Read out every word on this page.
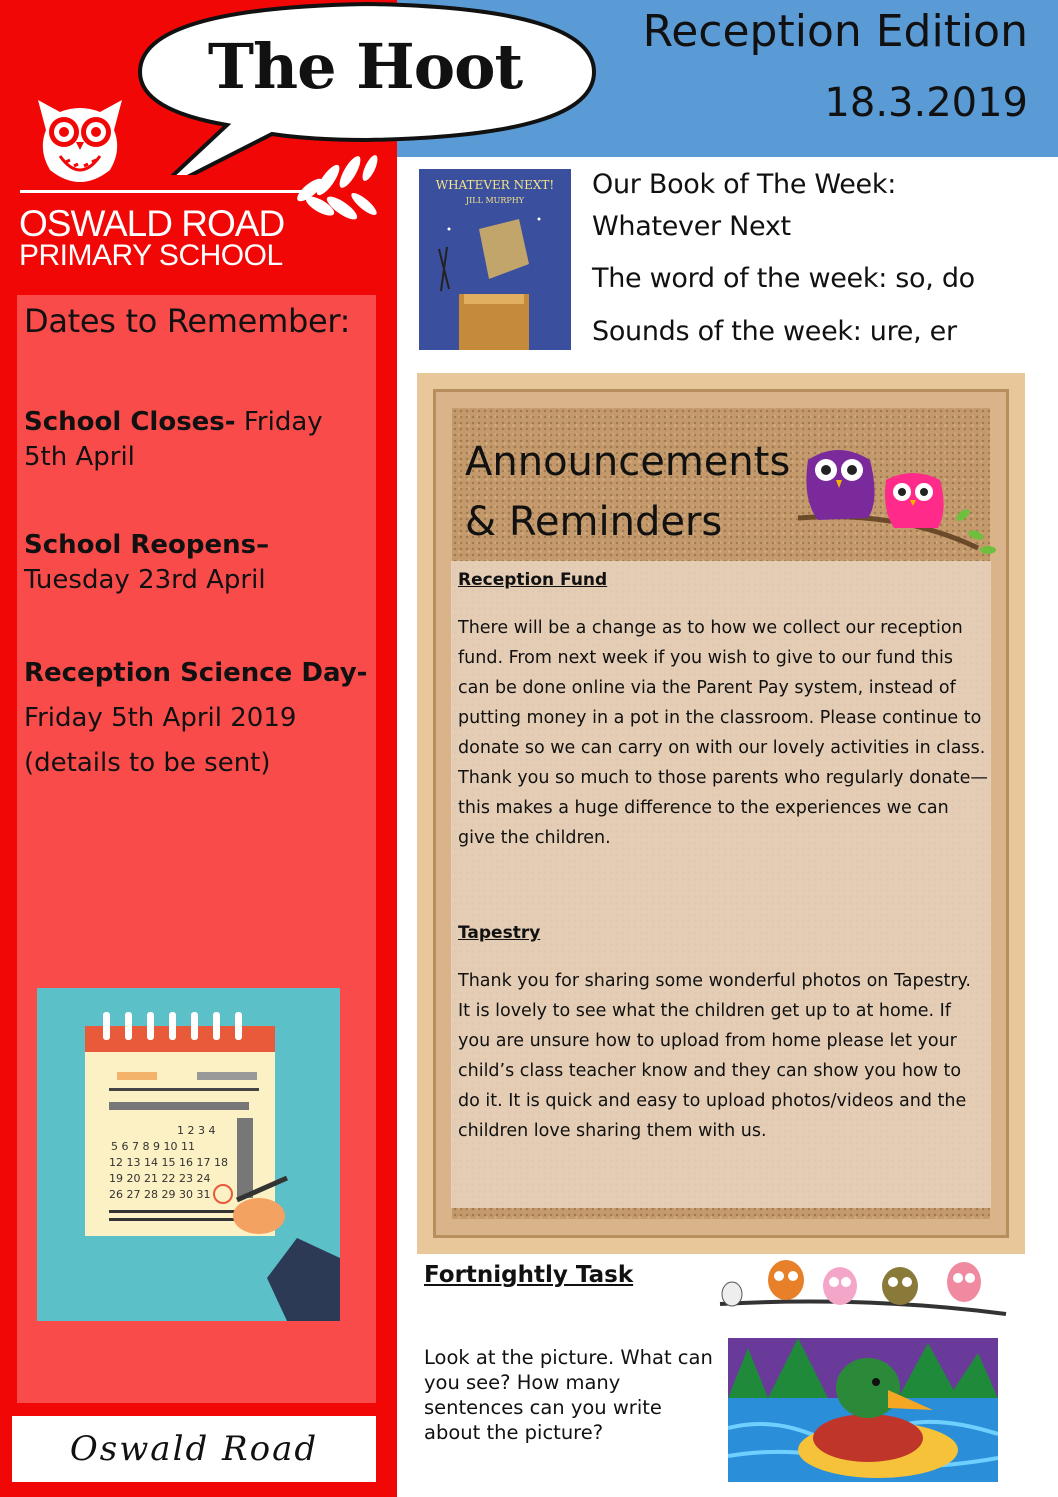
OSWALD ROAD
PRIMARY SCHOOL
Dates to Remember:

School Closes- Friday 5th April

School Reopens–
Tuesday 23rd April

Reception Science Day-
Friday 5th April 2019
(details to be sent)

1 2 3 4
5 6 7 8 9 10 11
12 13 14 15 16 17 18
19 20 21 22 23 24
26 27 28 29 30 31
Oswald Road
Reception Edition
18.3.2019
The Hoot
WHATEVER NEXT!
JILL MURPHY

Our Book of The Week:

Whatever Next

The word of the week: so, do

Sounds of the week: ure, er

Announcements
& Reminders

Reception Fund

There will be a change as to how we collect our reception fund. From next week if you wish to give to our fund this can be done online via the Parent Pay system, instead of putting money in a pot in the classroom. Please continue to donate so we can carry on with our lovely activities in class. Thank you so much to those parents who regularly donate—this makes a huge difference to the experiences we can give the children.

Tapestry

Thank you for sharing some wonderful photos on Tapestry. It is lovely to see what the children get up to at home. If you are unsure how to upload from home please let your child’s class teacher know and they can show you how to do it. It is quick and easy to upload photos/videos and the children love sharing them with us.

Fortnightly Task

Look at the picture. What can you see? How many sentences can you write about the picture?
